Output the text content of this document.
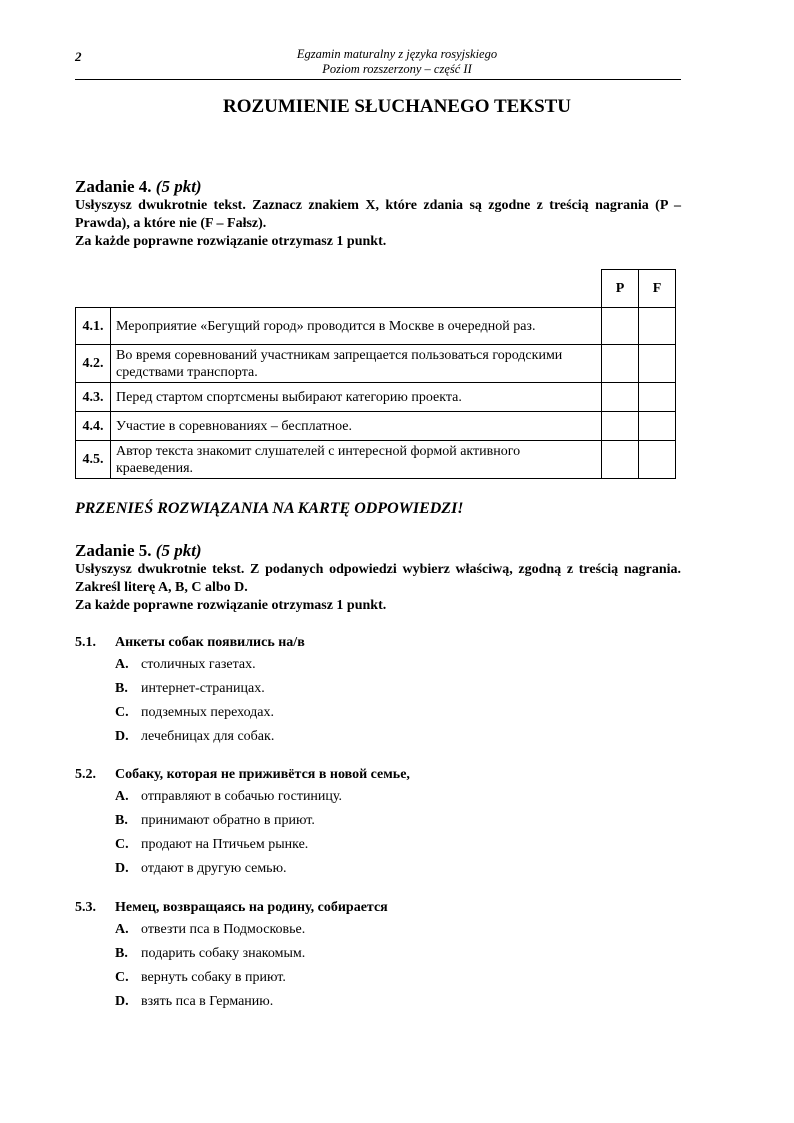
2	Egzamin maturalny z języka rosyjskiego
Poziom rozszerzony – część II
ROZUMIENIE SŁUCHANEGO TEKSTU
Zadanie 4. (5 pkt)
Usłyszysz dwukrotnie tekst. Zaznacz znakiem X, które zdania są zgodne z treścią nagrania (P – Prawda), a które nie (F – Fałsz).
Za każde poprawne rozwiązanie otrzymasz 1 punkt.
		P	F
4.1.	Мероприятие «Бегущий город» проводится в Москве в очередной раз.		
4.2.	Во время соревнований участникам запрещается пользоваться городскими средствами транспорта.		
4.3.	Перед стартом спортсмены выбирают категорию проекта.		
4.4.	Участие в соревнованиях – бесплатное.		
4.5.	Автор текста знакомит слушателей с интересной формой активного краеведения.		
PRZENIEŚ ROZWIĄZANIA NA KARTĘ ODPOWIEDZI!
Zadanie 5. (5 pkt)
Usłyszysz dwukrotnie tekst. Z podanych odpowiedzi wybierz właściwą, zgodną z treścią nagrania. Zakreśl literę A, B, C albo D.
Za każde poprawne rozwiązanie otrzymasz 1 punkt.
5.1. Анкеты собак появились на/в
A. столичных газетах.
B. интернет-страницах.
C. подземных переходах.
D. лечебницах для собак.
5.2. Собаку, которая не приживётся в новой семье,
A. отправляют в собачью гостиницу.
B. принимают обратно в приют.
C. продают на Птичьем рынке.
D. отдают в другую семью.
5.3. Немец, возвращаясь на родину, собирается
A. отвезти пса в Подмосковье.
B. подарить собаку знакомым.
C. вернуть собаку в приют.
D. взять пса в Германию.
